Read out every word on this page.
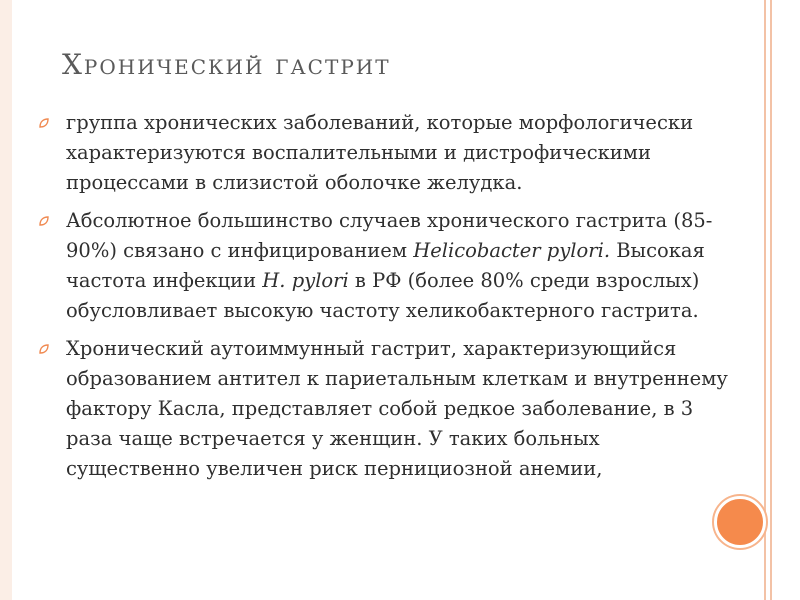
Хронический гастрит
группа хронических заболеваний, которые морфологически характеризуются воспалительными и дистрофическими процессами в слизистой оболочке желудка.
Абсолютное большинство случаев хронического гастрита (85-90%) связано с инфицированием Helicobacter pylori. Высокая частота инфекции H. pylori в РФ (более 80% среди взрослых) обусловливает высокую частоту хеликобактерного гастрита.
Хронический аутоиммунный гастрит, характеризующийся образованием антител к париетальным клеткам и внутреннему фактору Касла, представляет собой редкое заболевание, в 3 раза чаще встречается у женщин. У таких больных существенно увеличен риск пернициозной анемии,
